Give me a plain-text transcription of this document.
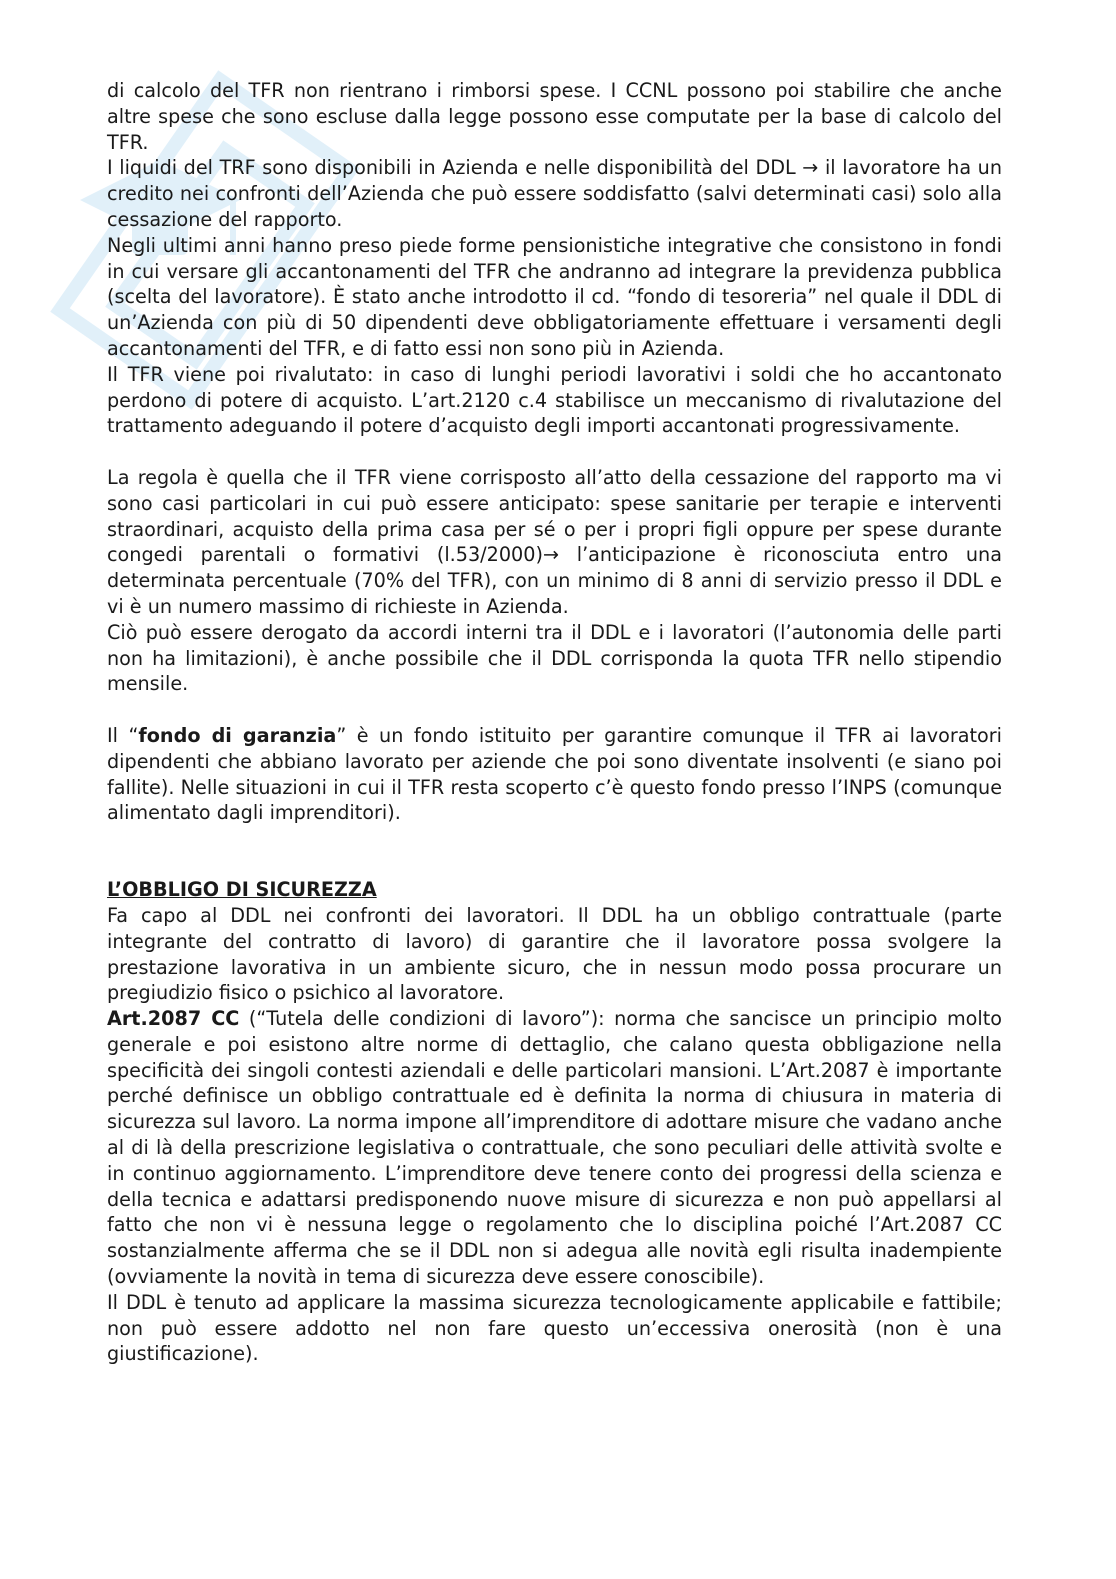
di calcolo del TFR non rientrano i rimborsi spese. I CCNL possono poi stabilire che anche altre spese che sono escluse dalla legge possono esse computate per la base di calcolo del TFR.

I liquidi del TRF sono disponibili in Azienda e nelle disponibilità del DDL → il lavoratore ha un credito nei confronti dell’Azienda che può essere soddisfatto (salvi determinati casi) solo alla cessazione del rapporto.

Negli ultimi anni hanno preso piede forme pensionistiche integrative che consistono in fondi in cui versare gli accantonamenti del TFR che andranno ad integrare la previdenza pubblica (scelta del lavoratore). È stato anche introdotto il cd. “fondo di tesoreria” nel quale il DDL di un’Azienda con più di 50 dipendenti deve obbligatoriamente effettuare i versamenti degli accantonamenti del TFR, e di fatto essi non sono più in Azienda.

Il TFR viene poi rivalutato: in caso di lunghi periodi lavorativi i soldi che ho accantonato perdono di potere di acquisto. L’art.2120 c.4 stabilisce un meccanismo di rivalutazione del trattamento adeguando il potere d’acquisto degli importi accantonati progressivamente.

La regola è quella che il TFR viene corrisposto all’atto della cessazione del rapporto ma vi sono casi particolari in cui può essere anticipato: spese sanitarie per terapie e interventi straordinari, acquisto della prima casa per sé o per i propri figli oppure per spese durante congedi parentali o formativi (l.53/2000)→ l’anticipazione è riconosciuta entro una determinata percentuale (70% del TFR), con un minimo di 8 anni di servizio presso il DDL e vi è un numero massimo di richieste in Azienda.

Ciò può essere derogato da accordi interni tra il DDL e i lavoratori (l’autonomia delle parti non ha limitazioni), è anche possibile che il DDL corrisponda la quota TFR nello stipendio mensile.

Il “fondo di garanzia” è un fondo istituito per garantire comunque il TFR ai lavoratori dipendenti che abbiano lavorato per aziende che poi sono diventate insolventi (e siano poi fallite). Nelle situazioni in cui il TFR resta scoperto c’è questo fondo presso l’INPS (comunque alimentato dagli imprenditori).

L’OBBLIGO DI SICUREZZA

Fa capo al DDL nei confronti dei lavoratori. Il DDL ha un obbligo contrattuale (parte integrante del contratto di lavoro) di garantire che il lavoratore possa svolgere la prestazione lavorativa in un ambiente sicuro, che in nessun modo possa procurare un pregiudizio fisico o psichico al lavoratore.

Art.2087 CC (“Tutela delle condizioni di lavoro”): norma che sancisce un principio molto generale e poi esistono altre norme di dettaglio, che calano questa obbligazione nella specificità dei singoli contesti aziendali e delle particolari mansioni. L’Art.2087 è importante perché definisce un obbligo contrattuale ed è definita la norma di chiusura in materia di sicurezza sul lavoro. La norma impone all’imprenditore di adottare misure che vadano anche al di là della prescrizione legislativa o contrattuale, che sono peculiari delle attività svolte e in continuo aggiornamento. L’imprenditore deve tenere conto dei progressi della scienza e della tecnica e adattarsi predisponendo nuove misure di sicurezza e non può appellarsi al fatto che non vi è nessuna legge o regolamento che lo disciplina poiché l’Art.2087 CC sostanzialmente afferma che se il DDL non si adegua alle novità egli risulta inadempiente (ovviamente la novità in tema di sicurezza deve essere conoscibile).

Il DDL è tenuto ad applicare la massima sicurezza tecnologicamente applicabile e fattibile; non può essere addotto nel non fare questo un’eccessiva onerosità (non è una giustificazione).
